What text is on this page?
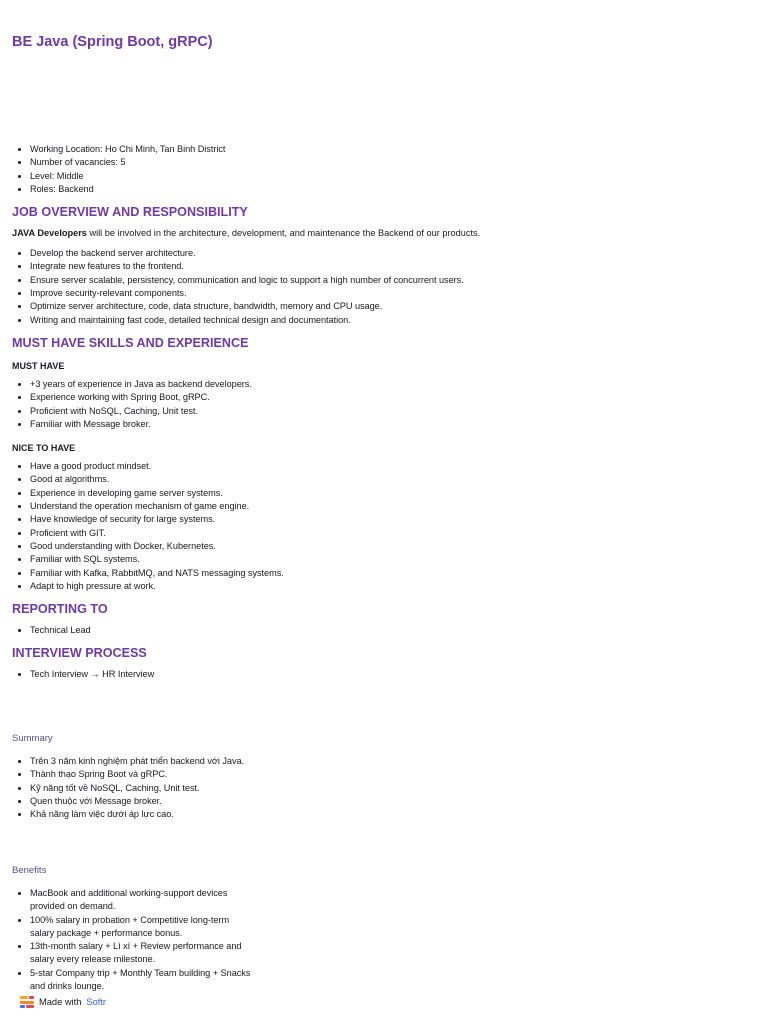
BE Java (Spring Boot, gRPC)
• Working Location: Ho Chi Minh, Tan Binh District
• Number of vacancies: 5
• Level: Middle
• Roles: Backend
JOB OVERVIEW AND RESPONSIBILITY

JAVA Developers will be involved in the architecture, development, and maintenance the Backend of our products.

• Develop the backend server architecture.
• Integrate new features to the frontend.
• Ensure server scalable, persistency, communication and logic to support a high number of concurrent users.
• Improve security-relevant components.
• Optimize server architecture, code, data structure, bandwidth, memory and CPU usage.
• Writing and maintaining fast code, detailed technical design and documentation.
MUST HAVE SKILLS AND EXPERIENCE
MUST HAVE
• +3 years of experience in Java as backend developers.
• Experience working with Spring Boot, gRPC.
• Proficient with NoSQL, Caching, Unit test.
• Familiar with Message broker.
NICE TO HAVE
• Have a good product mindset.
• Good at algorithms.
• Experience in developing game server systems.
• Understand the operation mechanism of game engine.
• Have knowledge of security for large systems.
• Proficient with GIT.
• Good understanding with Docker, Kubernetes.
• Familiar with SQL systems.
• Familiar with Kafka, RabbitMQ, and NATS messaging systems.
• Adapt to high pressure at work.
REPORTING TO
• Technical Lead
INTERVIEW PROCESS
• Tech Interview → HR Interview
Summary
• Trên 3 năm kinh nghiệm phát triển backend với Java.
• Thành thạo Spring Boot và gRPC.
• Kỹ năng tốt về NoSQL, Caching, Unit test.
• Quen thuộc với Message broker.
• Khả năng làm việc dưới áp lực cao.
Benefits
• MacBook and additional working-support devices provided on demand.
• 100% salary in probation + Competitive long-term salary package + performance bonus.
• 13th-month salary + Lì xì + Review performance and salary every release milestone.
• 5-star Company trip + Monthly Team building + Snacks and drinks lounge.
Made with Softr
